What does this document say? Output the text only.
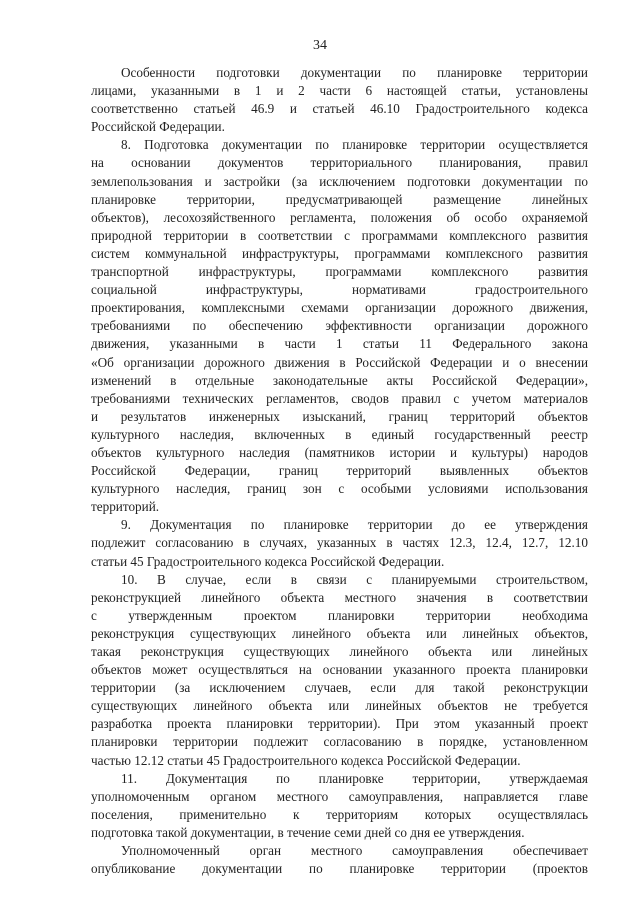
34
Особенности подготовки документации по планировке территории
лицами, указанными в 1 и 2 части 6 настоящей статьи, установлены
соответственно статьей 46.9 и статьей 46.10 Градостроительного кодекса
Российской Федерации.
8. Подготовка документации по планировке территории осуществляется
на основании документов территориального планирования, правил
землепользования и застройки (за исключением подготовки документации по
планировке территории, предусматривающей размещение линейных
объектов), лесохозяйственного регламента, положения об особо охраняемой
природной территории в соответствии с программами комплексного развития
систем коммунальной инфраструктуры, программами комплексного развития
транспортной инфраструктуры, программами комплексного развития
социальной инфраструктуры, нормативами градостроительного
проектирования, комплексными схемами организации дорожного движения,
требованиями по обеспечению эффективности организации дорожного
движения, указанными в части 1 статьи 11 Федерального закона
«Об организации дорожного движения в Российской Федерации и о внесении
изменений в отдельные законодательные акты Российской Федерации»,
требованиями технических регламентов, сводов правил с учетом материалов
и результатов инженерных изысканий, границ территорий объектов
культурного наследия, включенных в единый государственный реестр
объектов культурного наследия (памятников истории и культуры) народов
Российской Федерации, границ территорий выявленных объектов
культурного наследия, границ зон с особыми условиями использования
территорий.
9. Документация по планировке территории до ее утверждения
подлежит согласованию в случаях, указанных в частях 12.3, 12.4, 12.7, 12.10
статьи 45 Градостроительного кодекса Российской Федерации.
10. В случае, если в связи с планируемыми строительством,
реконструкцией линейного объекта местного значения в соответствии
с утвержденным проектом планировки территории необходима
реконструкция существующих линейного объекта или линейных объектов,
такая реконструкция существующих линейного объекта или линейных
объектов может осуществляться на основании указанного проекта планировки
территории (за исключением случаев, если для такой реконструкции
существующих линейного объекта или линейных объектов не требуется
разработка проекта планировки территории). При этом указанный проект
планировки территории подлежит согласованию в порядке, установленном
частью 12.12 статьи 45 Градостроительного кодекса Российской Федерации.
11. Документация по планировке территории, утверждаемая
уполномоченным органом местного самоуправления, направляется главе
поселения, применительно к территориям которых осуществлялась
подготовка такой документации, в течение семи дней со дня ее утверждения.
Уполномоченный орган местного самоуправления обеспечивает
опубликование документации по планировке территории (проектов
